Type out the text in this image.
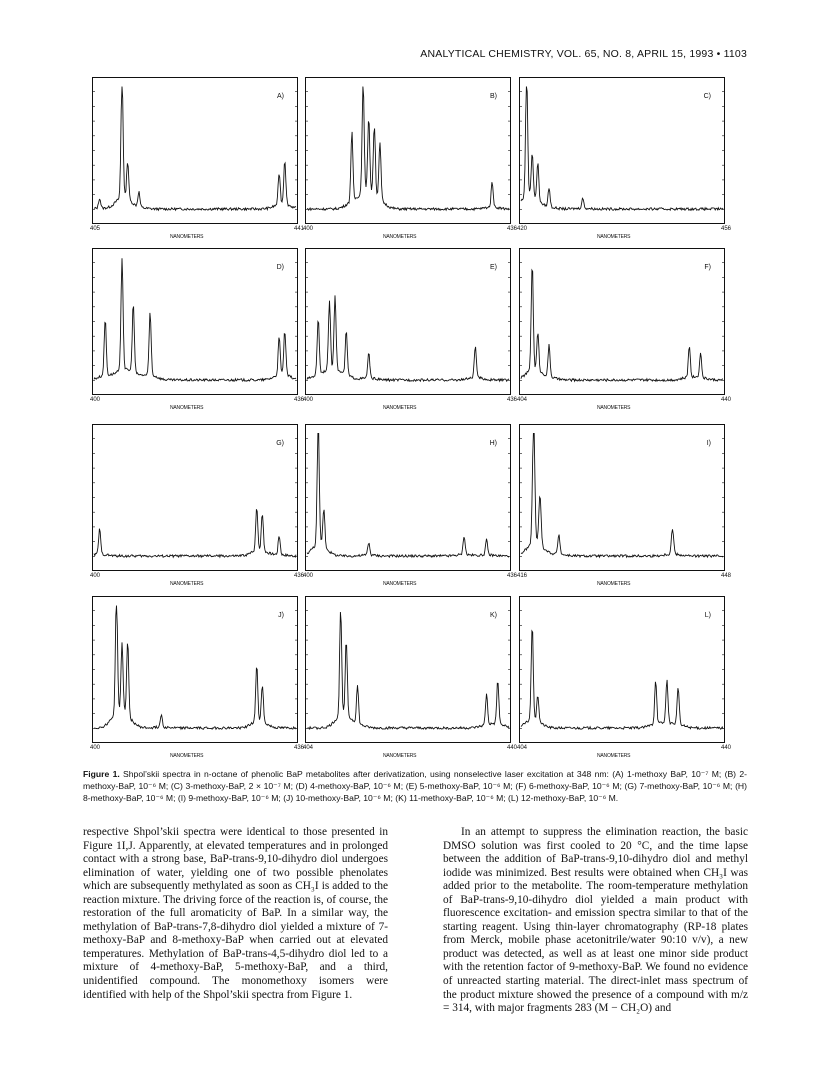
ANALYTICAL CHEMISTRY, VOL. 65, NO. 8, APRIL 15, 1993 • 1103
A)
405	441
NANOMETERS
B)
400	436
NANOMETERS
C)
420	456
NANOMETERS
D)
400	436
NANOMETERS
E)
400	436
NANOMETERS
F)
404	440
NANOMETERS
G)
400	436
NANOMETERS
H)
400	436
NANOMETERS
I)
416	448
NANOMETERS
J)
400	436
NANOMETERS
K)
404	440
NANOMETERS
L)
404	440
NANOMETERS
Figure 1. Shpol’skii spectra in n-octane of phenolic BaP metabolites after derivatization, using nonselective laser excitation at 348 nm: (A) 1-methoxy BaP, 10⁻⁷ M; (B) 2-methoxy-BaP, 10⁻⁶ M; (C) 3-methoxy-BaP, 2 × 10⁻⁷ M; (D) 4-methoxy-BaP, 10⁻⁶ M; (E) 5-methoxy-BaP, 10⁻⁶ M; (F) 6-methoxy-BaP, 10⁻⁶ M; (G) 7-methoxy-BaP, 10⁻⁶ M; (H) 8-methoxy-BaP, 10⁻⁶ M; (I) 9-methoxy-BaP, 10⁻⁶ M; (J) 10-methoxy-BaP, 10⁻⁶ M; (K) 11-methoxy-BaP, 10⁻⁶ M; (L) 12-methoxy-BaP, 10⁻⁶ M.
respective Shpol’skii spectra were identical to those presented in Figure 1I,J. Apparently, at elevated temperatures and in prolonged contact with a strong base, BaP-trans-9,10-dihydro diol undergoes elimination of water, yielding one of two possible phenolates which are subsequently methylated as soon as CH₃I is added to the reaction mixture. The driving force of the reaction is, of course, the restoration of the full aromaticity of BaP. In a similar way, the methylation of BaP-trans-7,8-dihydro diol yielded a mixture of 7-methoxy-BaP and 8-methoxy-BaP when carried out at elevated temperatures. Methylation of BaP-trans-4,5-dihydro diol led to a mixture of 4-methoxy-BaP, 5-methoxy-BaP, and a third, unidentified compound. The monomethoxy isomers were identified with help of the Shpol’skii spectra from Figure 1.
In an attempt to suppress the elimination reaction, the basic DMSO solution was first cooled to 20 °C, and the time lapse between the addition of BaP-trans-9,10-dihydro diol and methyl iodide was minimized. Best results were obtained when CH₃I was added prior to the metabolite. The room-temperature methylation of BaP-trans-9,10-dihydro diol yielded a main product with fluorescence excitation- and emission spectra similar to that of the starting reagent. Using thin-layer chromatography (RP-18 plates from Merck, mobile phase acetonitrile/water 90:10 v/v), a new product was detected, as well as at least one minor side product with the retention factor of 9-methoxy-BaP. We found no evidence of unreacted starting material. The direct-inlet mass spectrum of the product mixture showed the presence of a compound with m/z = 314, with major fragments 283 (M − CH₂O) and
